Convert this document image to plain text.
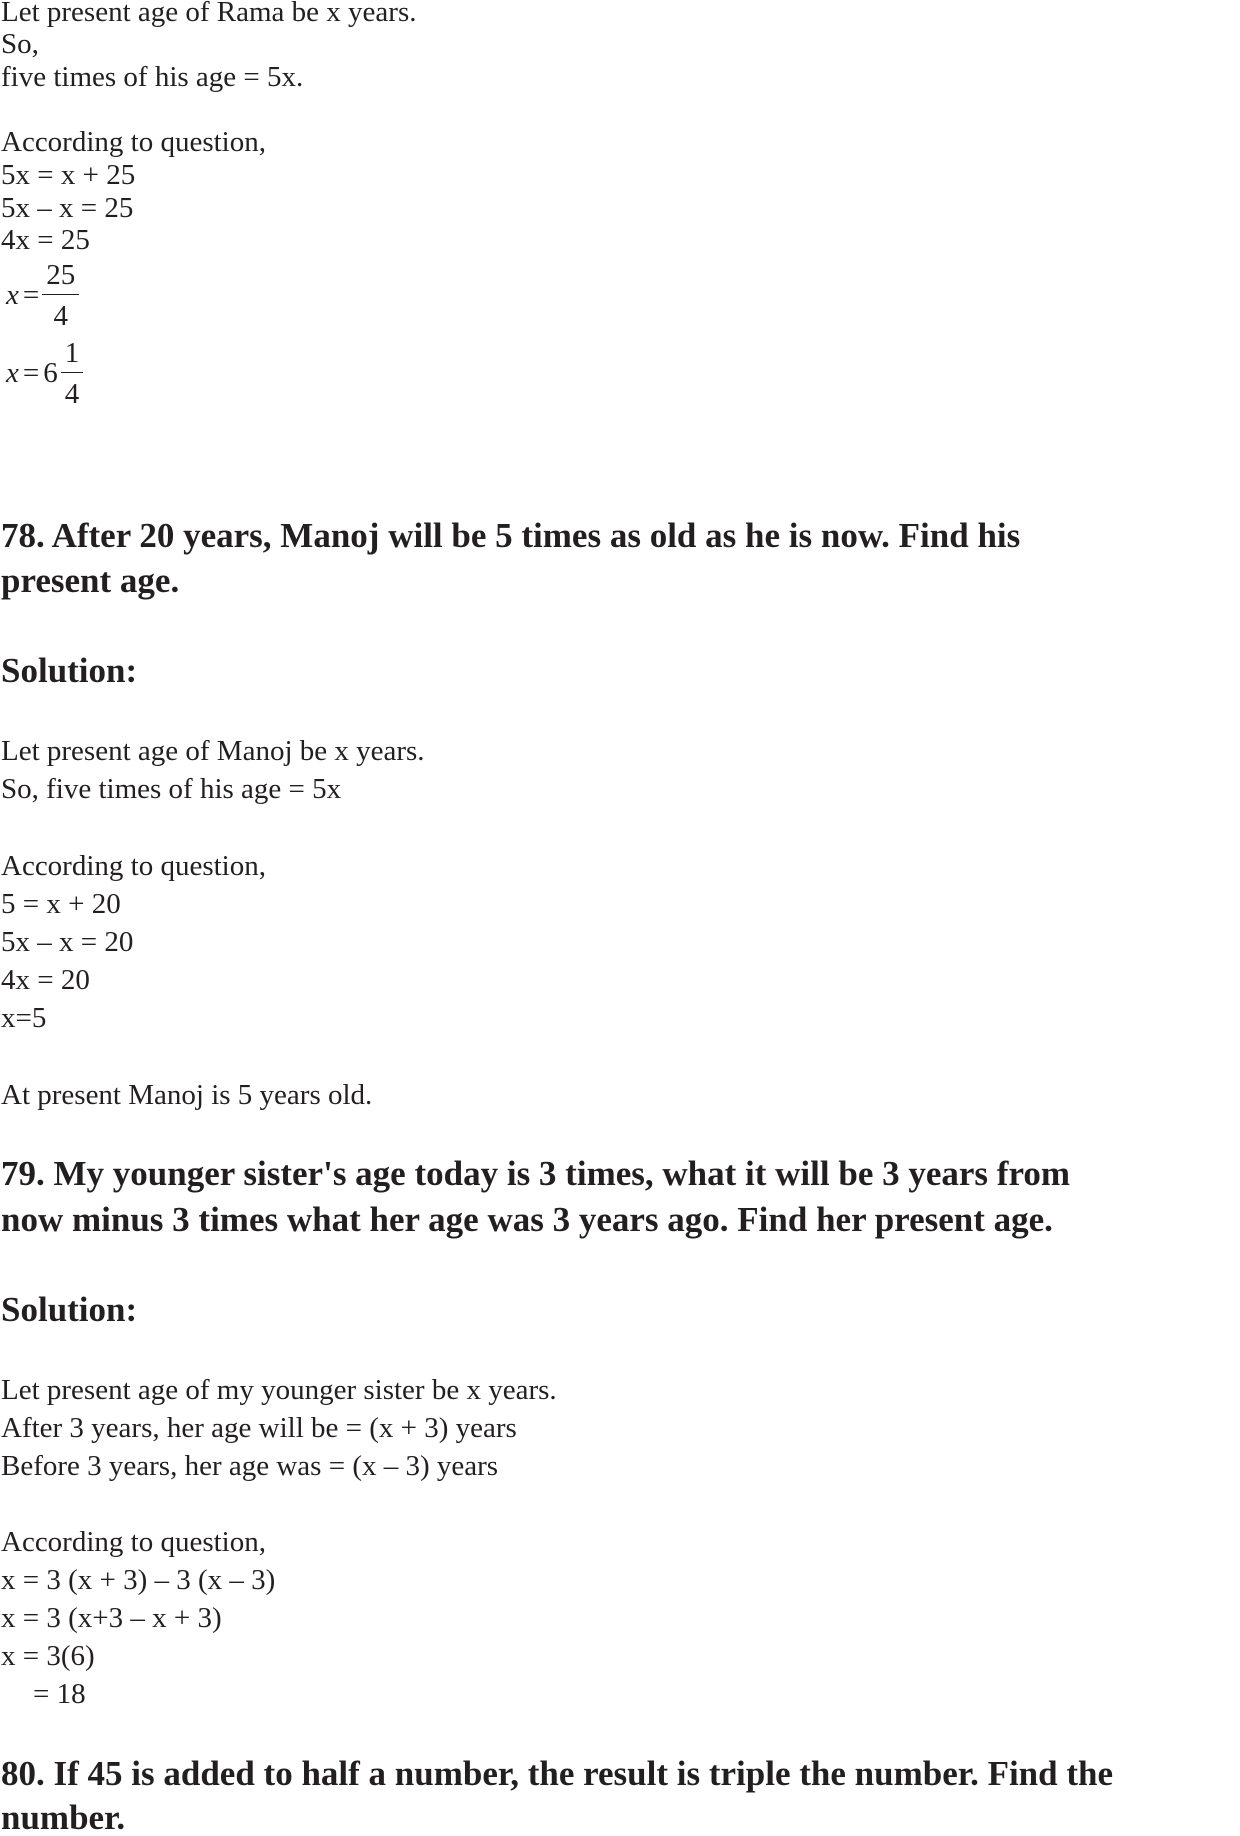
Let present age of Rama be x years.
So,
five times of his age = 5x.
According to question,
5x = x + 25
5x – x = 25
4x = 25
$x = \frac{25}{4}$
$x = 6 \frac{1}{4}$
78. After 20 years, Manoj will be 5 times as old as he is now. Find his
present age.
Solution:
Let present age of Manoj be x years.
So, five times of his age = 5x
According to question,
5 = x + 20
5x – x = 20
4x = 20
x=5
At present Manoj is 5 years old.
79. My younger sister's age today is 3 times, what it will be 3 years from
now minus 3 times what her age was 3 years ago. Find her present age.
Solution:
Let present age of my younger sister be x years.
After 3 years, her age will be = (x + 3) years
Before 3 years, her age was = (x – 3) years
According to question,
x = 3 (x + 3) – 3 (x – 3)
x = 3 (x+3 – x + 3)
x = 3(6)
= 18
80. If 45 is added to half a number, the result is triple the number. Find the
number.
